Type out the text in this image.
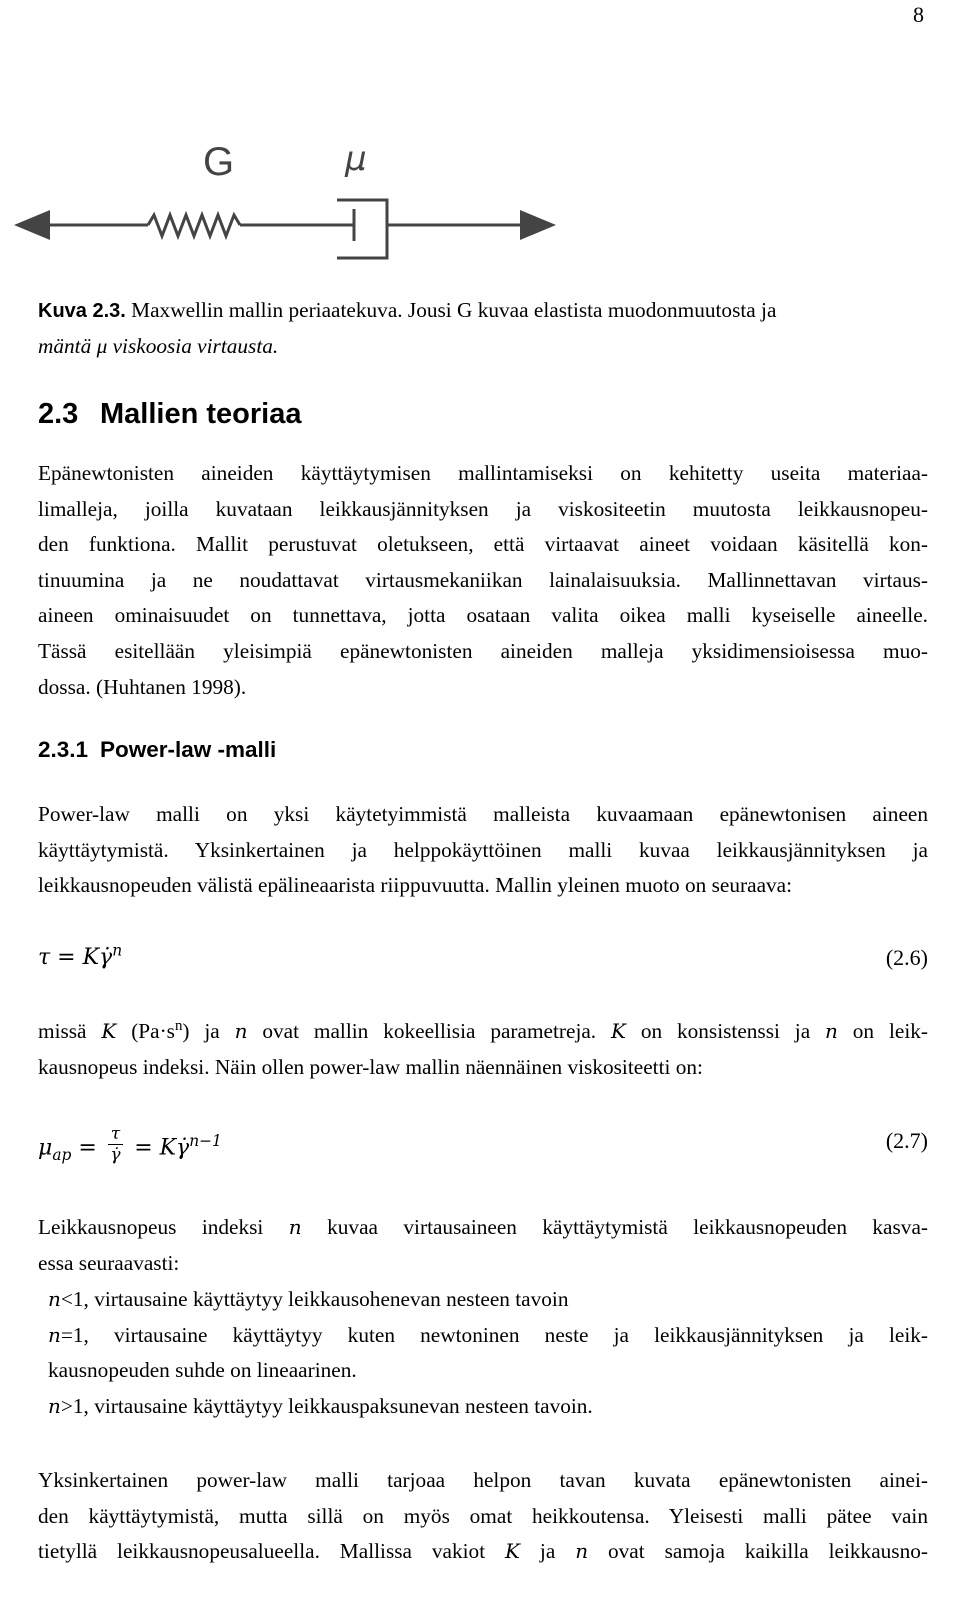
8
G	μ
Kuva 2.3. Maxwellin mallin periaatekuva. Jousi G kuvaa elastista muodonmuutosta ja
mäntä μ viskoosia virtausta.
2.3 Mallien teoriaa
Epänewtonisten aineiden käyttäytymisen mallintamiseksi on kehitetty useita materiaa-
limalleja, joilla kuvataan leikkausjännityksen ja viskositeetin muutosta leikkausnopeu-
den funktiona. Mallit perustuvat oletukseen, että virtaavat aineet voidaan käsitellä kon-
tinuumina ja ne noudattavat virtausmekaniikan lainalaisuuksia. Mallinnettavan virtaus-
aineen ominaisuudet on tunnettava, jotta osataan valita oikea malli kyseiselle aineelle.
Tässä esitellään yleisimpiä epänewtonisten aineiden malleja yksidimensioisessa muo-
dossa. (Huhtanen 1998).
2.3.1 Power-law -malli
Power-law malli on yksi käytetyimmistä malleista kuvaamaan epänewtonisen aineen
käyttäytymistä. Yksinkertainen ja helppokäyttöinen malli kuvaa leikkausjännityksen ja
leikkausnopeuden välistä epälineaarista riippuvuutta. Mallin yleinen muoto on seuraava:
τ = Kγ̇$^n$	(2.6)
missä K $(Pa\cdot s^n)$ ja n ovat mallin kokeellisia parametreja. K on konsistenssi ja n on leik-
kausnopeus indeksi. Näin ollen power-law mallin näennäinen viskositeetti on:
$\mu_{ap} = \frac{\tau}{\gammȧ}$ = Kγ̇$^{n-1}$	(2.7)
Leikkausnopeus indeksi n kuvaa virtausaineen käyttäytymistä leikkausnopeuden kasva-
essa seuraavasti:
n<1, virtausaine käyttäytyy leikkausohenevan nesteen tavoin
n=1, virtausaine käyttäytyy kuten newtoninen neste ja leikkausjännityksen ja leik-
kausnopeuden suhde on lineaarinen.
n>1, virtausaine käyttäytyy leikkauspaksunevan nesteen tavoin.
Yksinkertainen power-law malli tarjoaa helpon tavan kuvata epänewtonisten ainei-
den käyttäytymistä, mutta sillä on myös omat heikkoutensa. Yleisesti malli pätee vain
tietyllä leikkausnopeusalueella. Mallissa vakiot K ja n ovat samoja kaikilla leikkausno-
